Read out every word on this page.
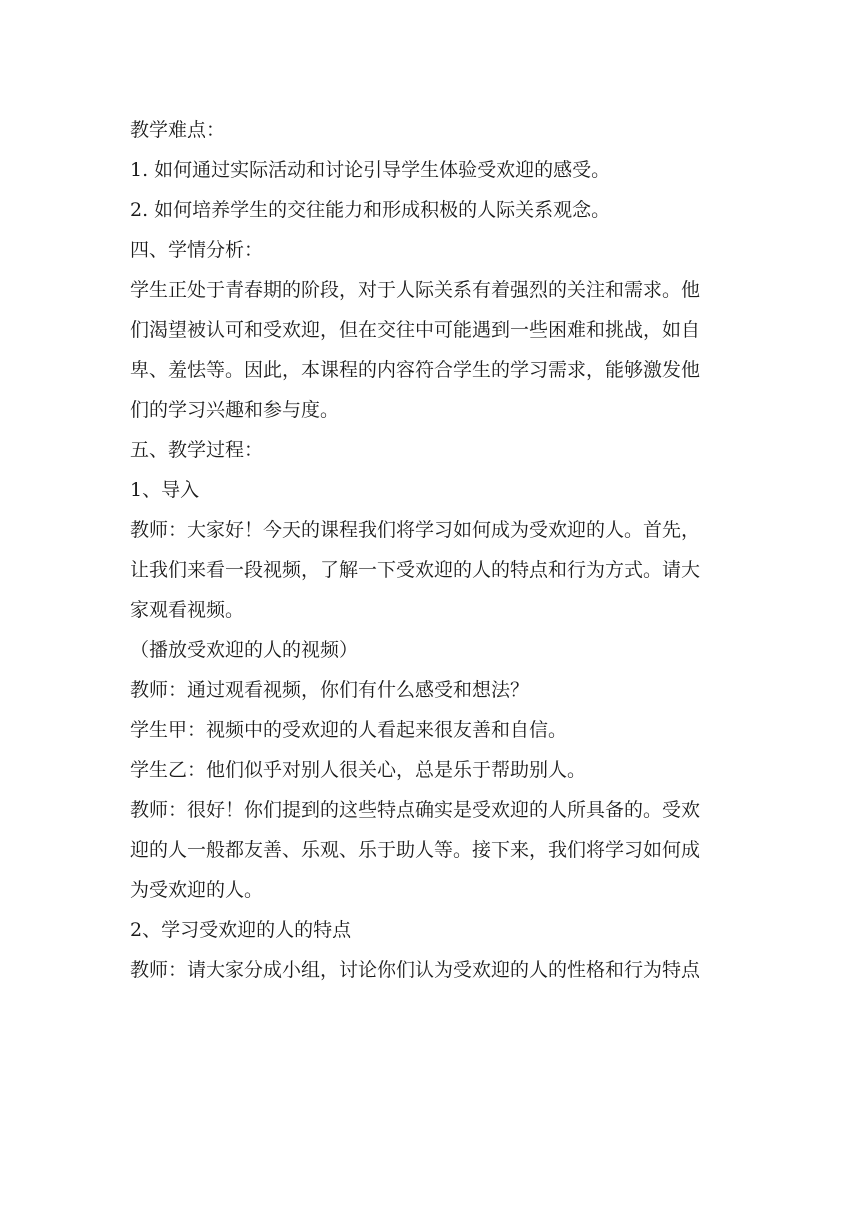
教学难点：
1. 如何通过实际活动和讨论引导学生体验受欢迎的感受。
2. 如何培养学生的交往能力和形成积极的人际关系观念。
四、学情分析：
学生正处于青春期的阶段，对于人际关系有着强烈的关注和需求。他
们渴望被认可和受欢迎，但在交往中可能遇到一些困难和挑战，如自
卑、羞怯等。因此，本课程的内容符合学生的学习需求，能够激发他
们的学习兴趣和参与度。
五、教学过程：
1、导入
教师：大家好！今天的课程我们将学习如何成为受欢迎的人。首先，
让我们来看一段视频，了解一下受欢迎的人的特点和行为方式。请大
家观看视频。
（播放受欢迎的人的视频）
教师：通过观看视频，你们有什么感受和想法？
学生甲：视频中的受欢迎的人看起来很友善和自信。
学生乙：他们似乎对别人很关心，总是乐于帮助别人。
教师：很好！你们提到的这些特点确实是受欢迎的人所具备的。受欢
迎的人一般都友善、乐观、乐于助人等。接下来，我们将学习如何成
为受欢迎的人。
2、学习受欢迎的人的特点
教师：请大家分成小组，讨论你们认为受欢迎的人的性格和行为特点
